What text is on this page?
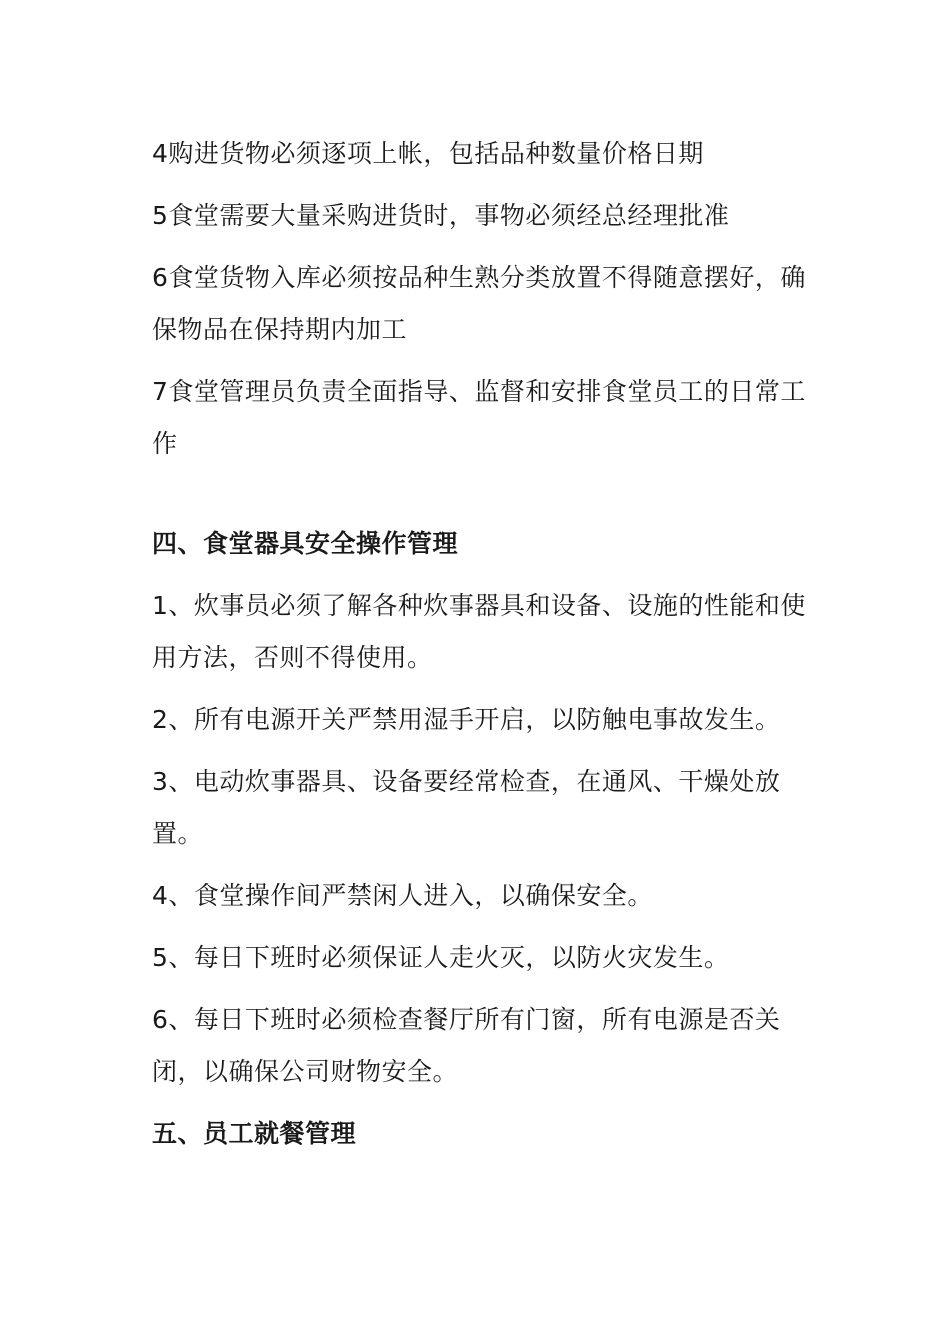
4购进货物必须逐项上帐，包括品种数量价格日期

5食堂需要大量采购进货时，事物必须经总经理批准

6食堂货物入库必须按品种生熟分类放置不得随意摆好，确保物品在保持期内加工

7食堂管理员负责全面指导、监督和安排食堂员工的日常工作

四、食堂器具安全操作管理

1、炊事员必须了解各种炊事器具和设备、设施的性能和使用方法，否则不得使用。

2、所有电源开关严禁用湿手开启，以防触电事故发生。

3、电动炊事器具、设备要经常检查，在通风、干燥处放置。

4、食堂操作间严禁闲人进入，以确保安全。

5、每日下班时必须保证人走火灭，以防火灾发生。

6、每日下班时必须检查餐厅所有门窗，所有电源是否关闭，以确保公司财物安全。

五、员工就餐管理
